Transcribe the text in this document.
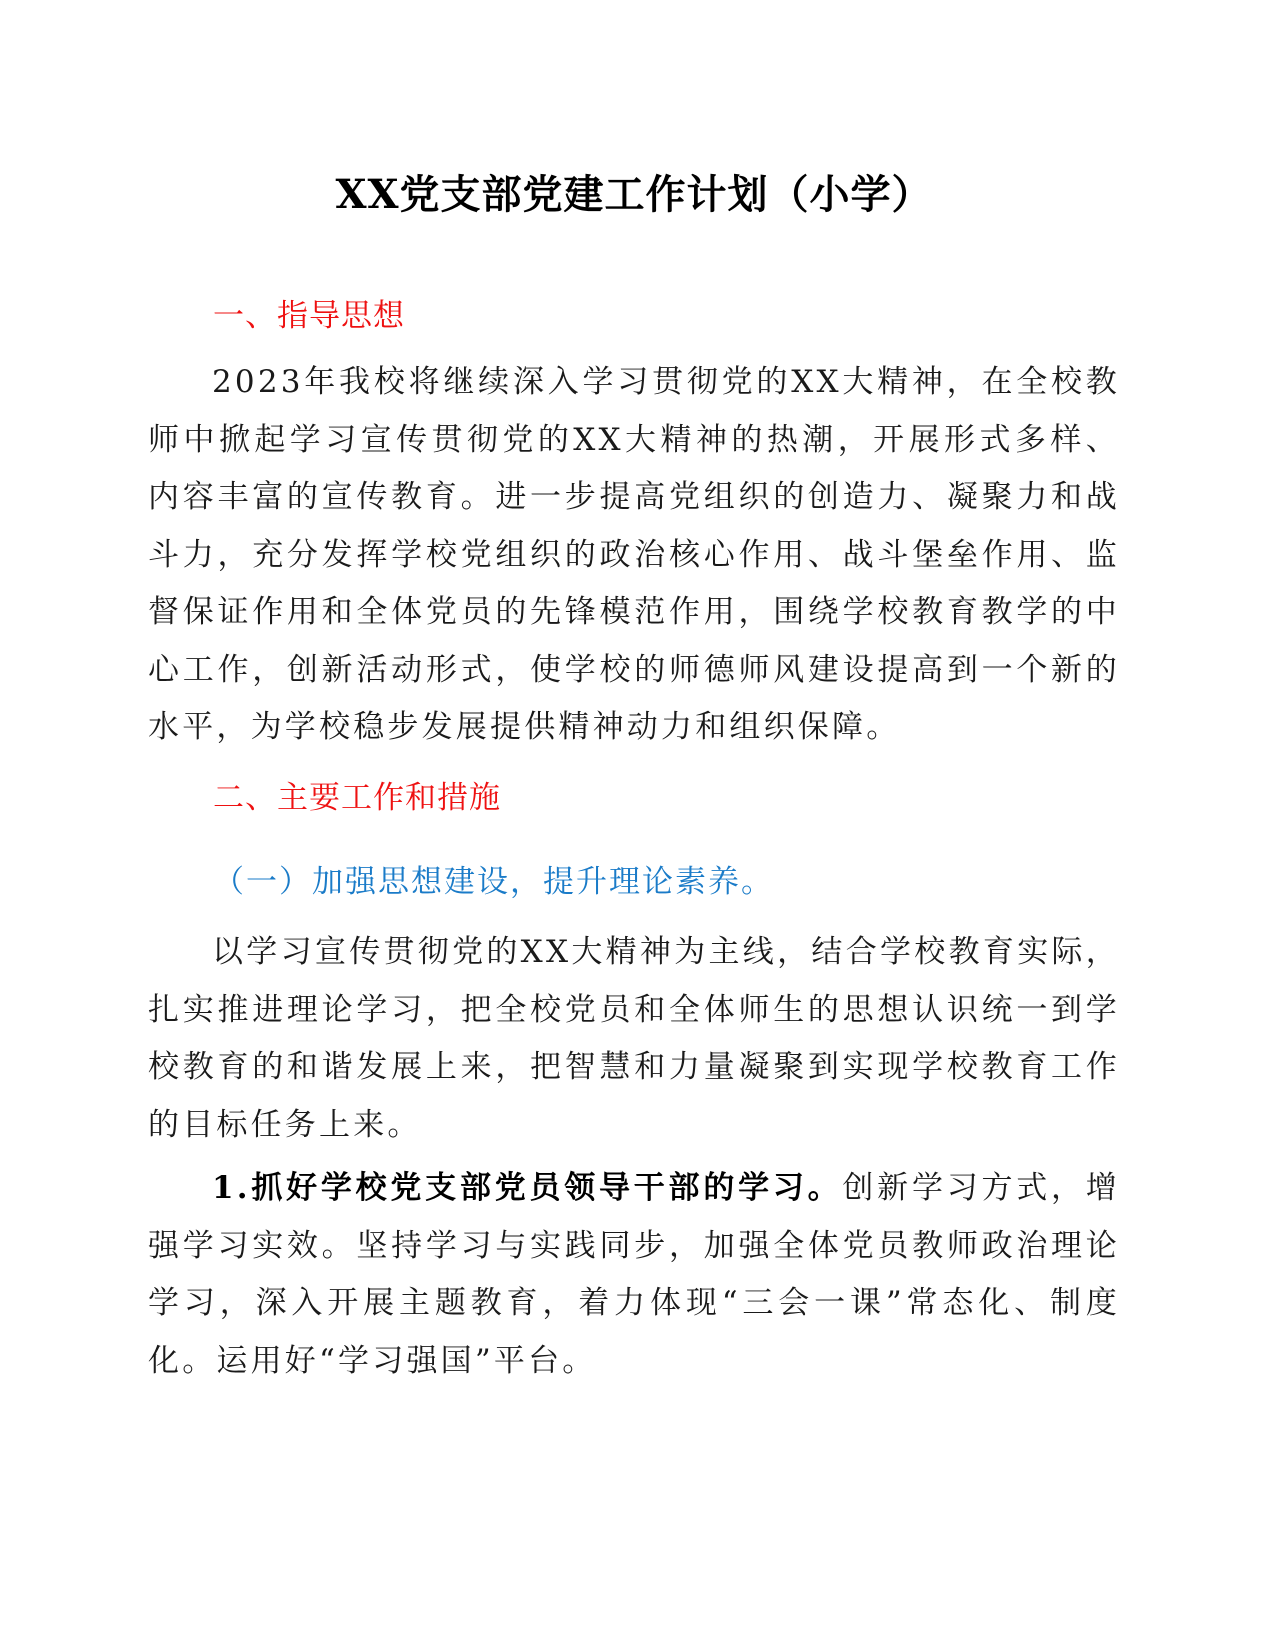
XX党支部党建工作计划（小学）
一、指导思想

2023年我校将继续深入学习贯彻党的XX大精神，在全校教师中掀起学习宣传贯彻党的XX大精神的热潮，开展形式多样、内容丰富的宣传教育。进一步提高党组织的创造力、凝聚力和战斗力，充分发挥学校党组织的政治核心作用、战斗堡垒作用、监督保证作用和全体党员的先锋模范作用，围绕学校教育教学的中心工作，创新活动形式，使学校的师德师风建设提高到一个新的水平，为学校稳步发展提供精神动力和组织保障。

二、主要工作和措施
（一）加强思想建设，提升理论素养。

以学习宣传贯彻党的XX大精神为主线，结合学校教育实际，扎实推进理论学习，把全校党员和全体师生的思想认识统一到学校教育的和谐发展上来，把智慧和力量凝聚到实现学校教育工作的目标任务上来。

1.抓好学校党支部党员领导干部的学习。创新学习方式，增强学习实效。坚持学习与实践同步，加强全体党员教师政治理论学习，深入开展主题教育，着力体现“三会一课”常态化、制度化。运用好“学习强国”平台。
